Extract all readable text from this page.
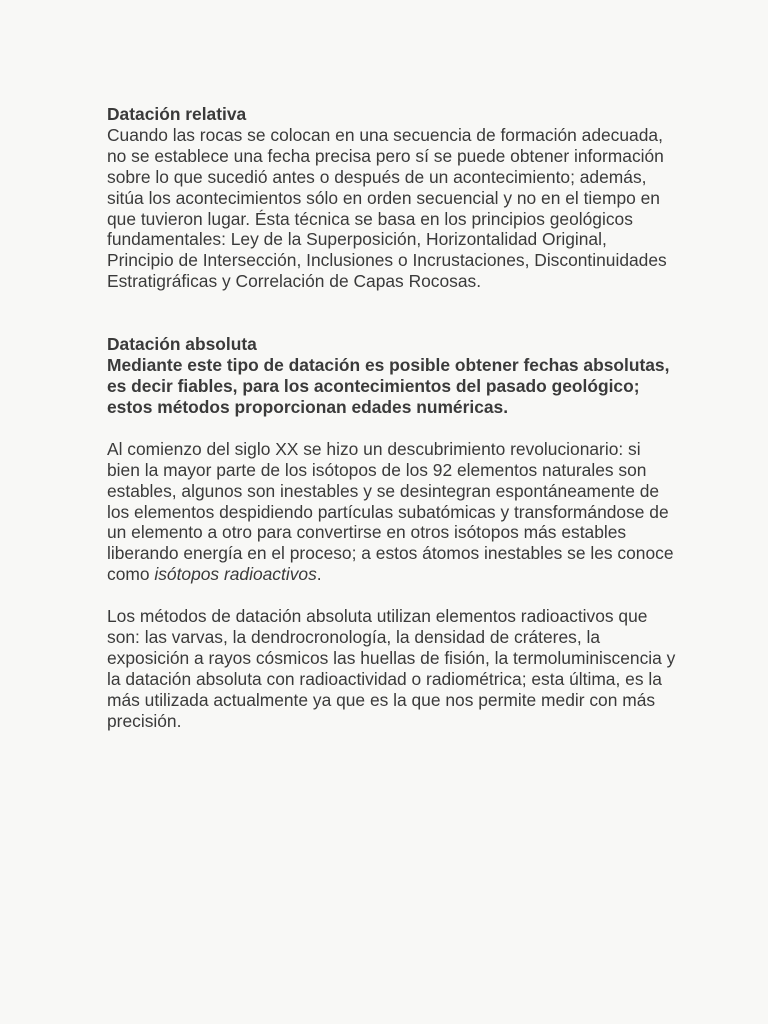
Datación relativa

Cuando las rocas se colocan en una secuencia de formación adecuada, no se establece una fecha precisa pero sí se puede obtener información sobre lo que sucedió antes o después de un acontecimiento; además, sitúa los acontecimientos sólo en orden secuencial y no en el tiempo en que tuvieron lugar. Ésta técnica se basa en los principios geológicos fundamentales: Ley de la Superposición, Horizontalidad Original, Principio de Intersección, Inclusiones o Incrustaciones, Discontinuidades Estratigráficas y Correlación de Capas Rocosas.

Datación absoluta

Mediante este tipo de datación es posible obtener fechas absolutas, es decir fiables, para los acontecimientos del pasado geológico; estos métodos proporcionan edades numéricas.

Al comienzo del siglo XX se hizo un descubrimiento revolucionario: si bien la mayor parte de los isótopos de los 92 elementos naturales son estables, algunos son inestables y se desintegran espontáneamente de los elementos despidiendo partículas subatómicas y transformándose de un elemento a otro para convertirse en otros isótopos más estables liberando energía en el proceso; a estos átomos inestables se les conoce como isótopos radioactivos.

Los métodos de datación absoluta utilizan elementos radioactivos que son: las varvas, la dendrocronología, la densidad de cráteres, la exposición a rayos cósmicos las huellas de fisión, la termoluminiscencia y la datación absoluta con radioactividad o radiométrica; esta última, es la más utilizada actualmente ya que es la que nos permite medir con más precisión.
